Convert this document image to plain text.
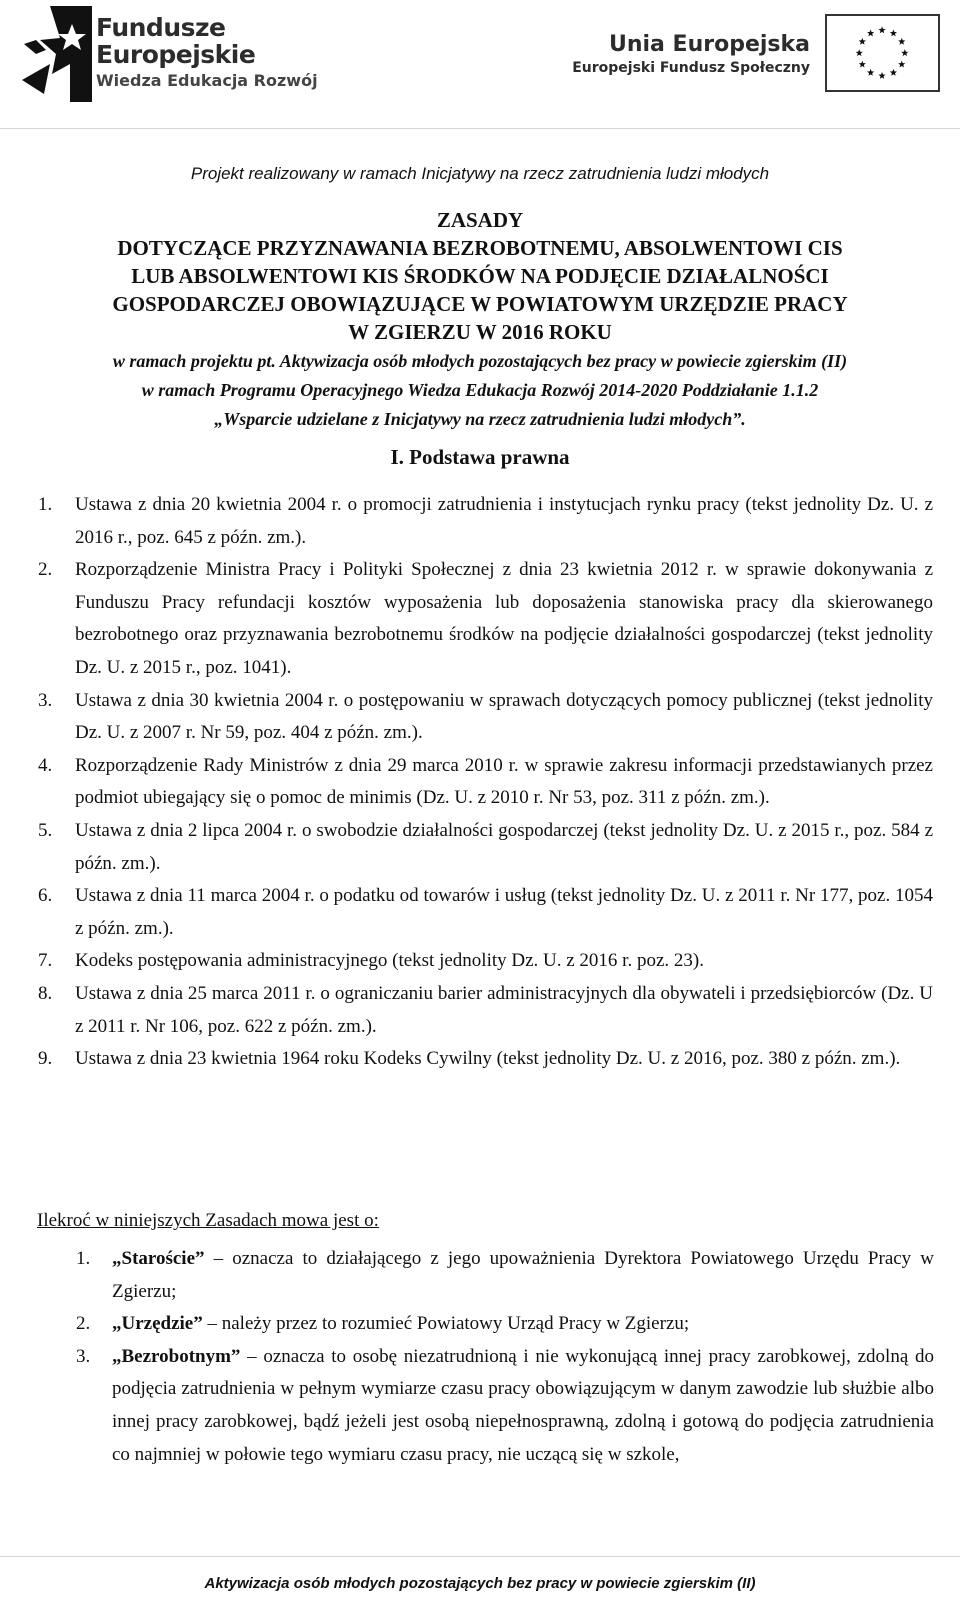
Fundusze
Europejskie
Wiedza Edukacja Rozwój
Unia Europejska
Europejski Fundusz Społeczny
Projekt realizowany w ramach Inicjatywy na rzecz zatrudnienia ludzi młodych
ZASADY
DOTYCZĄCE PRZYZNAWANIA BEZROBOTNEMU, ABSOLWENTOWI CIS
LUB ABSOLWENTOWI KIS ŚRODKÓW NA PODJĘCIE DZIAŁALNOŚCI
GOSPODARCZEJ OBOWIĄZUJĄCE W POWIATOWYM URZĘDZIE PRACY
W ZGIERZU W 2016 ROKU
w ramach projektu pt. Aktywizacja osób młodych pozostających bez pracy w powiecie zgierskim (II)
w ramach Programu Operacyjnego Wiedza Edukacja Rozwój 2014-2020 Poddziałanie 1.1.2
„Wsparcie udzielane z Inicjatywy na rzecz zatrudnienia ludzi młodych”.
I. Podstawa prawna
1. Ustawa z dnia 20 kwietnia 2004 r. o promocji zatrudnienia i instytucjach rynku pracy (tekst jednolity Dz. U. z 2016 r., poz. 645 z późn. zm.).
2. Rozporządzenie Ministra Pracy i Polityki Społecznej z dnia 23 kwietnia 2012 r. w sprawie dokonywania z Funduszu Pracy refundacji kosztów wyposażenia lub doposażenia stanowiska pracy dla skierowanego bezrobotnego oraz przyznawania bezrobotnemu środków na podjęcie działalności gospodarczej (tekst jednolity Dz. U. z 2015 r., poz. 1041).
3. Ustawa z dnia 30 kwietnia 2004 r. o postępowaniu w sprawach dotyczących pomocy publicznej (tekst jednolity Dz. U. z 2007 r. Nr 59, poz. 404 z późn. zm.).
4. Rozporządzenie Rady Ministrów z dnia 29 marca 2010 r. w sprawie zakresu informacji przedstawianych przez podmiot ubiegający się o pomoc de minimis (Dz. U. z 2010 r. Nr 53, poz. 311 z późn. zm.).
5. Ustawa z dnia 2 lipca 2004 r. o swobodzie działalności gospodarczej (tekst jednolity Dz. U. z 2015 r., poz. 584 z późn. zm.).
6. Ustawa z dnia 11 marca 2004 r. o podatku od towarów i usług (tekst jednolity Dz. U. z 2011 r. Nr 177, poz. 1054 z późn. zm.).
7. Kodeks postępowania administracyjnego (tekst jednolity Dz. U. z 2016 r. poz. 23).
8. Ustawa z dnia 25 marca 2011 r. o ograniczaniu barier administracyjnych dla obywateli i przedsiębiorców (Dz. U z 2011 r. Nr 106, poz. 622 z późn. zm.).
9. Ustawa z dnia 23 kwietnia 1964 roku Kodeks Cywilny (tekst jednolity Dz. U. z 2016, poz. 380 z późn. zm.).
Ilekroć w niniejszych Zasadach mowa jest o:
1. „Staroście” – oznacza to działającego z jego upoważnienia Dyrektora Powiatowego Urzędu Pracy w Zgierzu;
2. „Urzędzie” – należy przez to rozumieć Powiatowy Urząd Pracy w Zgierzu;
3. „Bezrobotnym” – oznacza to osobę niezatrudnioną i nie wykonującą innej pracy zarobkowej, zdolną do podjęcia zatrudnienia w pełnym wymiarze czasu pracy obowiązującym w danym zawodzie lub służbie albo innej pracy zarobkowej, bądź jeżeli jest osobą niepełnosprawną, zdolną i gotową do podjęcia zatrudnienia co najmniej w połowie tego wymiaru czasu pracy, nie uczącą się w szkole,
Aktywizacja osób młodych pozostających bez pracy w powiecie zgierskim (II)
